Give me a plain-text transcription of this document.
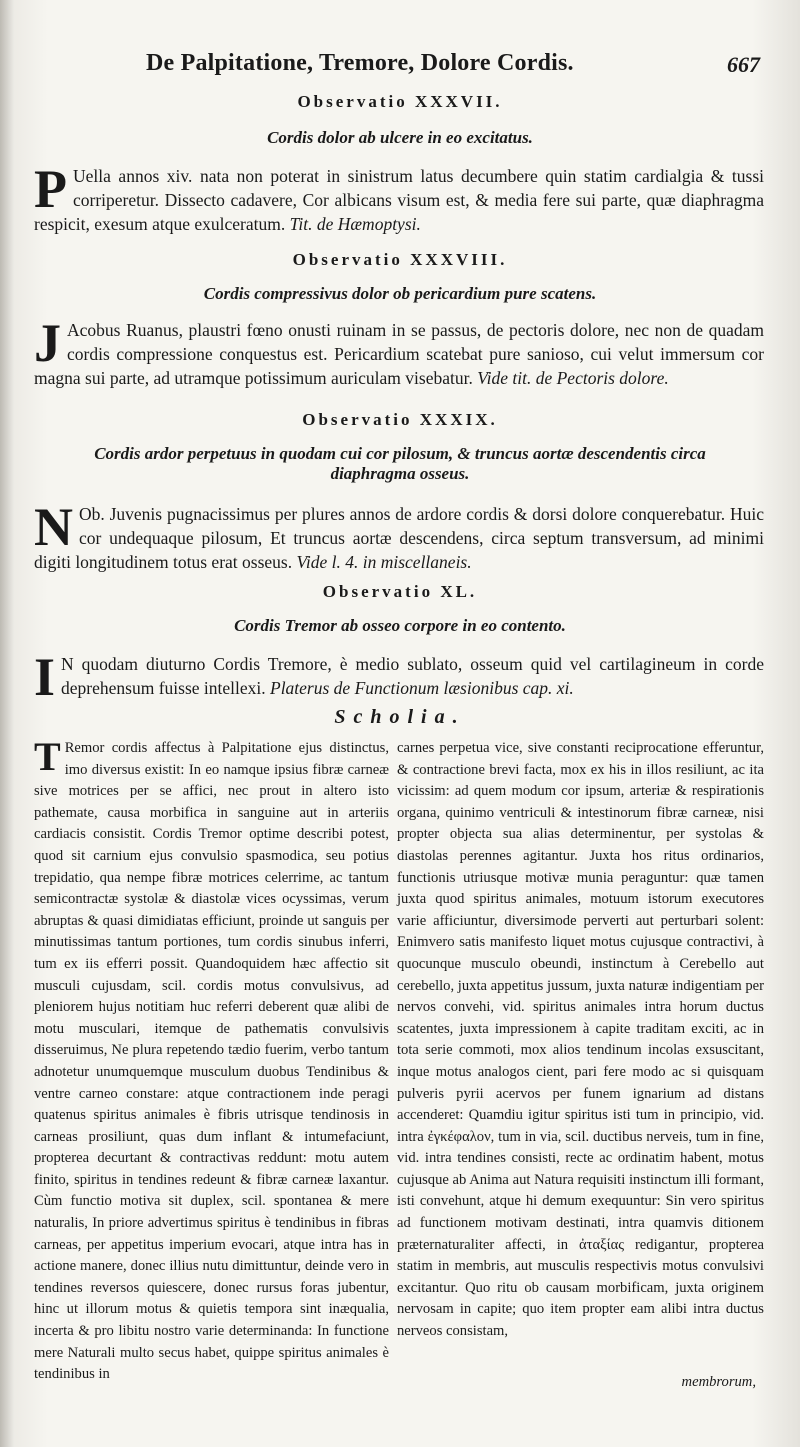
De Palpitatione, Tremore, Dolore Cordis.	667
Observatio XXXVII.
Cordis dolor ab ulcere in eo excitatus.
P Uella annos xiv. nata non poterat in sinistrum latus decumbere quin statim cardialgia & tussi corriperetur. Dissecto cadavere, Cor albicans visum est, & media fere sui parte, quæ diaphragma respicit, exesum atque exulceratum. Tit. de Hæmoptysi.
Observatio XXXVIII.
Cordis compressivus dolor ob pericardium pure scatens.
J Acobus Ruanus, plaustri fœno onusti ruinam in se passus, de pectoris dolore, nec non de quadam cordis compressione conquestus est. Pericardium scatebat pure sanioso, cui velut immersum cor magna sui parte, ad utramque potissimum auriculam visebatur. Vide tit. de Pectoris dolore.
Observatio XXXIX.
Cordis ardor perpetuus in quodam cui cor pilosum, & truncus aortæ descendentis circa diaphragma osseus.
N Ob. Juvenis pugnacissimus per plures annos de ardore cordis & dorsi dolore conquerebatur. Huic cor undequaque pilosum, Et truncus aortæ descendens, circa septum transversum, ad minimi digiti longitudinem totus erat osseus. Vide l. 4. in miscellaneis.
Observatio XL.
Cordis Tremor ab osseo corpore in eo contento.
I N quodam diuturno Cordis Tremore, è medio sublato, osseum quid vel cartilagineum in corde deprehensum fuisse intellexi. Platerus de Functionum læsionibus cap. xi.
Scholia.
T Remor cordis affectus à Palpitatione ejus distinctus, imo diversus existit: In eo namque ipsius fibræ carneæ sive motrices per se affici, nec prout in altero isto pathemate, causa morbifica in sanguine aut in arteriis cardiacis consistit. Cordis Tremor optime describi potest, quod sit carnium ejus convulsio spasmodica, seu potius trepidatio, qua nempe fibræ motrices celerrime, ac tantum semicontractæ systolæ & diastolæ vices ocyssimas, verum abruptas & quasi dimidiatas efficiunt, proinde ut sanguis per minutissimas tantum portiones, tum cordis sinubus inferri, tum ex iis efferri possit. Quandoquidem hæc affectio sit musculi cujusdam, scil. cordis motus convulsivus, ad pleniorem hujus notitiam huc referri deberent quæ alibi de motu musculari, itemque de pathematis convulsivis disseruimus, Ne plura repetendo tædio fuerim, verbo tantum adnotetur unumquemque musculum duobus Tendinibus & ventre carneo constare: atque contractionem inde peragi quatenus spiritus animales è fibris utrisque tendinosis in carneas prosiliunt, quas dum inflant & intumefaciunt, propterea decurtant & contractivas reddunt: motu autem finito, spiritus in tendines redeunt & fibræ carneæ laxantur. Cùm functio motiva sit duplex, scil. spontanea & mere naturalis, In priore advertimus spiritus è tendinibus in fibras carneas, per appetitus imperium evocari, atque intra has in actione manere, donec illius nutu dimittuntur, deinde vero in tendines reversos quiescere, donec rursus foras jubentur, hinc ut illorum motus & quietis tempora sint inæqualia, incerta & pro libitu nostro varie determinanda: In functione mere Naturali multo secus habet, quippe spiritus animales è tendinibus in
carnes perpetua vice, sive constanti reciprocatione efferuntur, & contractione brevi facta, mox ex his in illos resiliunt, ac ita vicissim: ad quem modum cor ipsum, arteriæ & respirationis organa, quinimo ventriculi & intestinorum fibræ carneæ, nisi propter objecta sua alias determinentur, per systolas & diastolas perennes agitantur. Juxta hos ritus ordinarios, functionis utriusque motivæ munia peraguntur: quæ tamen juxta quod spiritus animales, motuum istorum executores varie afficiuntur, diversimode perverti aut perturbari solent: Enimvero satis manifesto liquet motus cujusque contractivi, à quocunque musculo obeundi, instinctum à Cerebello aut cerebello, juxta appetitus jussum, juxta naturæ indigentiam per nervos convehi, vid. spiritus animales intra horum ductus scatentes, juxta impressionem à capite traditam exciti, ac in tota serie commoti, mox alios tendinum incolas exsuscitant, inque motus analogos cient, pari fere modo ac si quisquam pulveris pyrii acervos per funem ignarium ad distans accenderet: Quamdiu igitur spiritus isti tum in principio, vid. intra ἐγκέφαλον, tum in via, scil. ductibus nerveis, tum in fine, vid. intra tendines consisti, recte ac ordinatim habent, motus cujusque ab Anima aut Natura requisiti instinctum illi formant, isti convehunt, atque hi demum exequuntur: Sin vero spiritus ad functionem motivam destinati, intra quamvis ditionem præternaturaliter affecti, in ἀταξίας redigantur, propterea statim in membris, aut musculis respectivis motus convulsivi excitantur. Quo ritu ob causam morbificam, juxta originem nervosam in capite; quo item propter eam alibi intra ductus nerveos consistam,
membrorum,
